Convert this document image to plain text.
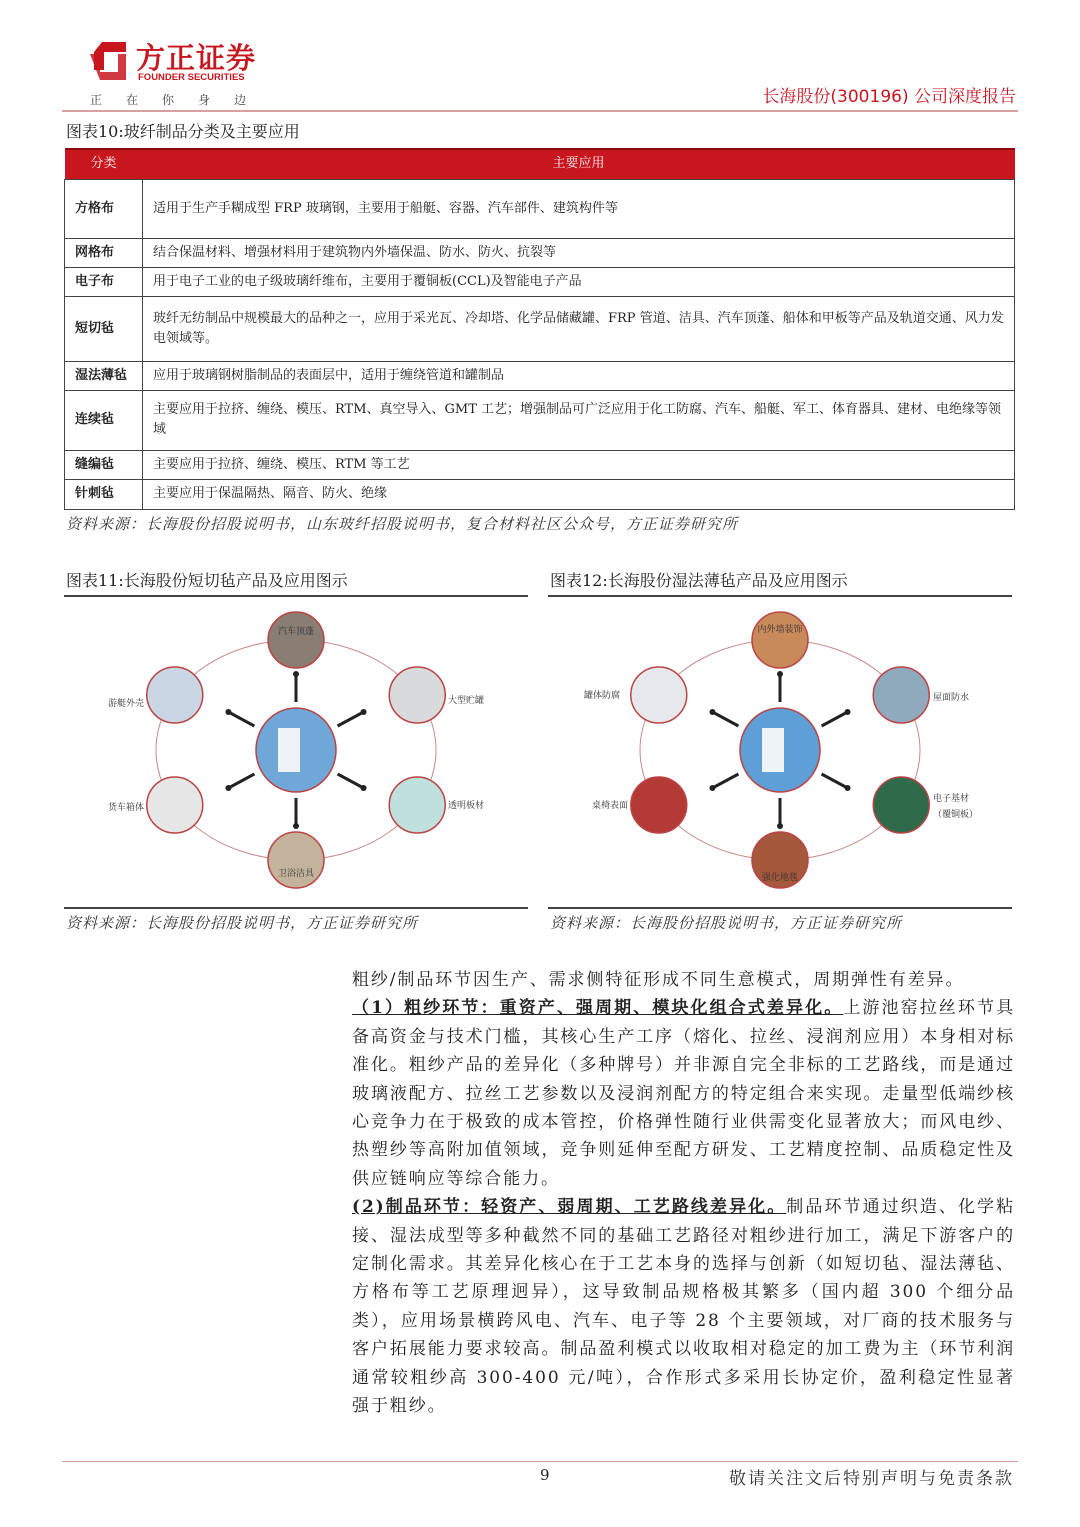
方正证券
FOUNDER SECURITIES
正在你身边	长海股份(300196) 公司深度报告
图表10:玻纤制品分类及主要应用
分类	主要应用
方格布	适用于生产手糊成型 FRP 玻璃钢，主要用于船艇、容器、汽车部件、建筑构件等
网格布	结合保温材料、增强材料用于建筑物内外墙保温、防水、防火、抗裂等
电子布	用于电子工业的电子级玻璃纤维布，主要用于覆铜板(CCL)及智能电子产品
短切毡	玻纤无纺制品中规模最大的品种之一，应用于采光瓦、冷却塔、化学品储藏罐、FRP 管道、洁具、汽车顶蓬、船体和甲板等产品及轨道交通、风力发电领域等。
湿法薄毡	应用于玻璃钢树脂制品的表面层中，适用于缠绕管道和罐制品
连续毡	主要应用于拉挤、缠绕、模压、RTM、真空导入、GMT 工艺；增强制品可广泛应用于化工防腐、汽车、船艇、军工、体育器具、建材、电绝缘等领域
缝编毡	主要应用于拉挤、缠绕、模压、RTM 等工艺
针刺毡	主要应用于保温隔热、隔音、防火、绝缘
资料来源：长海股份招股说明书，山东玻纤招股说明书，复合材料社区公众号，方正证券研究所
图表11:长海股份短切毡产品及应用图示	图表12:长海股份湿法薄毡产品及应用图示
汽车顶蓬
大型贮罐
透明板材
卫浴洁具
货车箱体
游艇外壳
内外墙装饰
屋面防水
电子基材
（覆铜板）
强化地毯
桌椅表面
罐体防腐
资料来源：长海股份招股说明书，方正证券研究所	资料来源：长海股份招股说明书，方正证券研究所

粗纱/制品环节因生产、需求侧特征形成不同生意模式，周期弹性有差异。

（1）粗纱环节：重资产、强周期、模块化组合式差异化。上游池窑拉丝环节具备高资金与技术门槛，其核心生产工序（熔化、拉丝、浸润剂应用）本身相对标准化。粗纱产品的差异化（多种牌号）并非源自完全非标的工艺路线，而是通过玻璃液配方、拉丝工艺参数以及浸润剂配方的特定组合来实现。走量型低端纱核心竞争力在于极致的成本管控，价格弹性随行业供需变化显著放大；而风电纱、热塑纱等高附加值领域，竞争则延伸至配方研发、工艺精度控制、品质稳定性及供应链响应等综合能力。

(2)制品环节：轻资产、弱周期、工艺路线差异化。制品环节通过织造、化学粘接、湿法成型等多种截然不同的基础工艺路径对粗纱进行加工，满足下游客户的定制化需求。其差异化核心在于工艺本身的选择与创新（如短切毡、湿法薄毡、方格布等工艺原理迥异），这导致制品规格极其繁多（国内超 300 个细分品类），应用场景横跨风电、汽车、电子等 28 个主要领域，对厂商的技术服务与客户拓展能力要求较高。制品盈利模式以收取相对稳定的加工费为主（环节利润通常较粗纱高 300-400 元/吨），合作形式多采用长协定价，盈利稳定性显著强于粗纱。

9	敬请关注文后特别声明与免责条款
